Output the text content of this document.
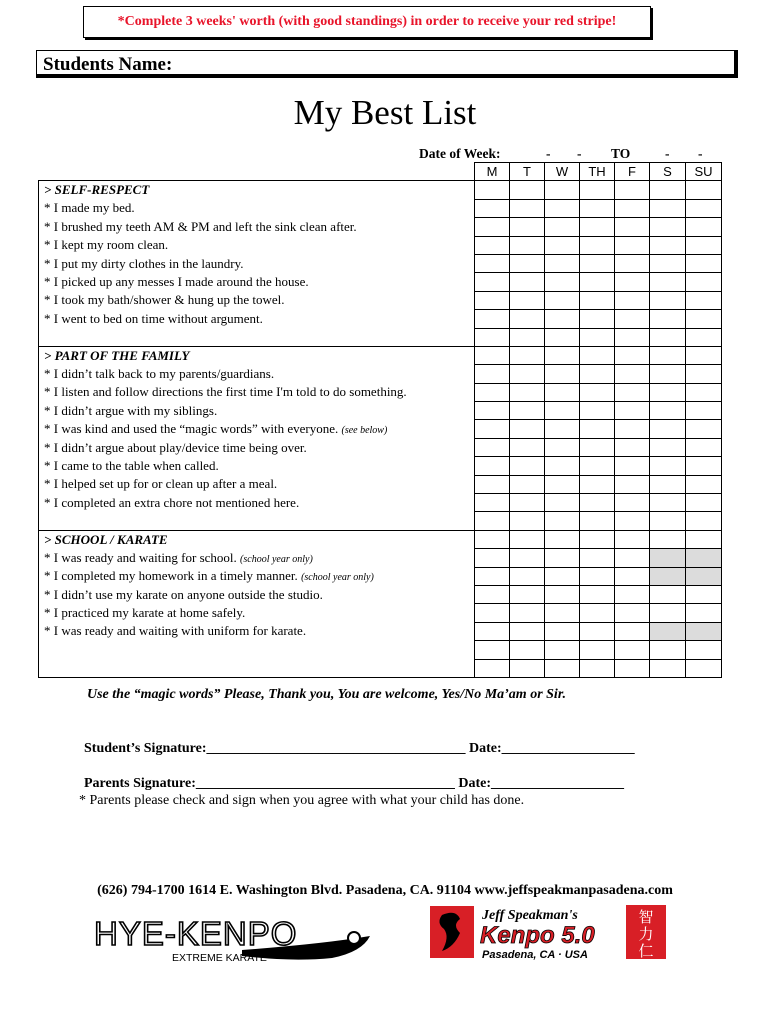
*Complete 3 weeks' worth (with good standings) in order to receive your red stripe!
Students Name:
My Best List
Date of Week:	- - TO	- -
	M	T	W	TH	F	S	SU
> SELF-RESPECT							
* I made my bed.							
* I brushed my teeth AM & PM and left the sink clean after.							
* I kept my room clean.							
* I put my dirty clothes in the laundry.							
* I picked up any messes I made around the house.							
* I took my bath/shower & hung up the towel.							
* I went to bed on time without argument.							

> PART OF THE FAMILY							
* I didn’t talk back to my parents/guardians.							
* I listen and follow directions the first time I'm told to do something.							
* I didn’t argue with my siblings.							
* I was kind and used the “magic words” with everyone. (see below)							
* I didn’t argue about play/device time being over.							
* I came to the table when called.							
* I helped set up for or clean up after a meal.							
* I completed an extra chore not mentioned here.							

> SCHOOL / KARATE							
* I was ready and waiting for school. (school year only)							
* I completed my homework in a timely manner. (school year only)							
* I didn’t use my karate on anyone outside the studio.							
* I practiced my karate at home safely.							
* I was ready and waiting with uniform for karate.							

Use the “magic words” Please, Thank you, You are welcome, Yes/No Ma’am or Sir.
Student’s Signature:_____________________________________ Date:___________________
Parents Signature:_____________________________________ Date:___________________
* Parents please check and sign when you agree with what your child has done.
(626) 794-1700 1614 E. Washington Blvd. Pasadena, CA. 91104 www.jeffspeakmanpasadena.com
HYE-KENPO
EXTREME KARATE
Jeff Speakman's
Kenpo 5.0
Pasadena, CA · USA
智
力
仁
